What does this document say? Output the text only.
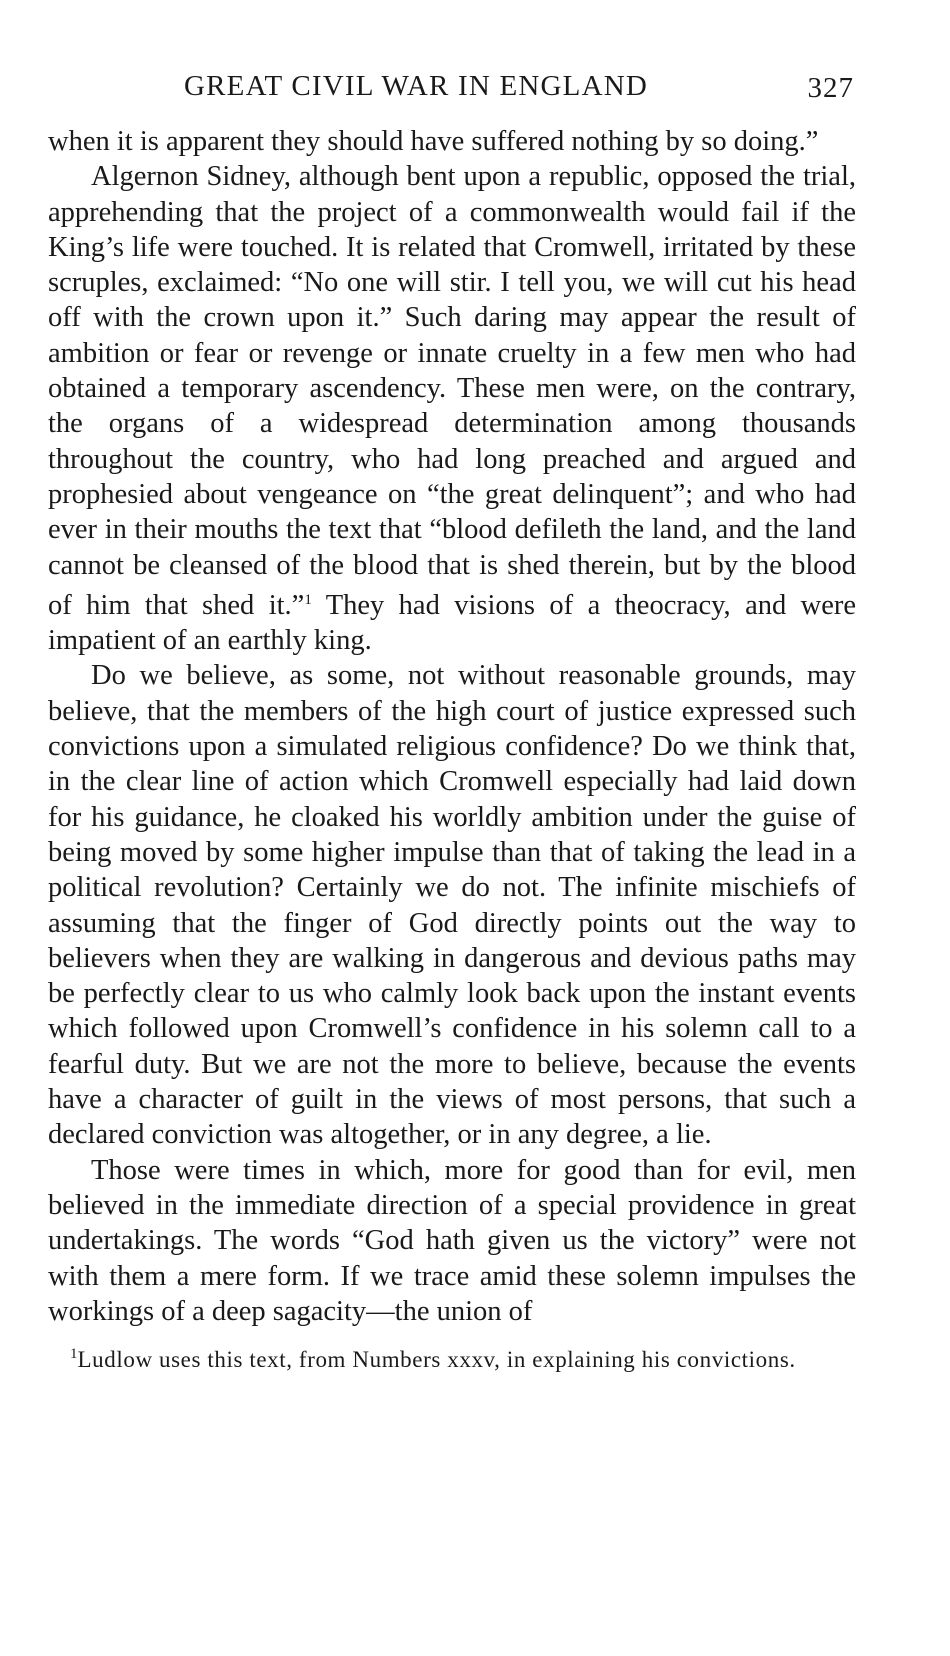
GREAT CIVIL WAR IN ENGLAND	327

when it is apparent they should have suffered nothing by so doing.”

Algernon Sidney, although bent upon a republic, opposed the trial, apprehending that the project of a commonwealth would fail if the King’s life were touched. It is related that Cromwell, irritated by these scruples, exclaimed: “No one will stir. I tell you, we will cut his head off with the crown upon it.” Such daring may appear the result of ambition or fear or revenge or innate cruelty in a few men who had obtained a temporary ascendency. These men were, on the contrary, the organs of a widespread determination among thousands throughout the country, who had long preached and argued and prophesied about vengeance on “the great delinquent”; and who had ever in their mouths the text that “blood defileth the land, and the land cannot be cleansed of the blood that is shed therein, but by the blood of him that shed it.”$^1$ They had visions of a theocracy, and were impatient of an earthly king.

Do we believe, as some, not without reasonable grounds, may believe, that the members of the high court of justice expressed such convictions upon a simulated religious confidence? Do we think that, in the clear line of action which Cromwell especially had laid down for his guidance, he cloaked his worldly ambition under the guise of being moved by some higher impulse than that of taking the lead in a political revolution? Certainly we do not. The infinite mischiefs of assuming that the finger of God directly points out the way to believers when they are walking in dangerous and devious paths may be perfectly clear to us who calmly look back upon the instant events which followed upon Cromwell’s confidence in his solemn call to a fearful duty. But we are not the more to believe, because the events have a character of guilt in the views of most persons, that such a declared conviction was altogether, or in any degree, a lie.

Those were times in which, more for good than for evil, men believed in the immediate direction of a special providence in great undertakings. The words “God hath given us the victory” were not with them a mere form. If we trace amid these solemn impulses the workings of a deep sagacity—the union of

$^1$Ludlow uses this text, from Numbers xxxv, in explaining his convictions.
